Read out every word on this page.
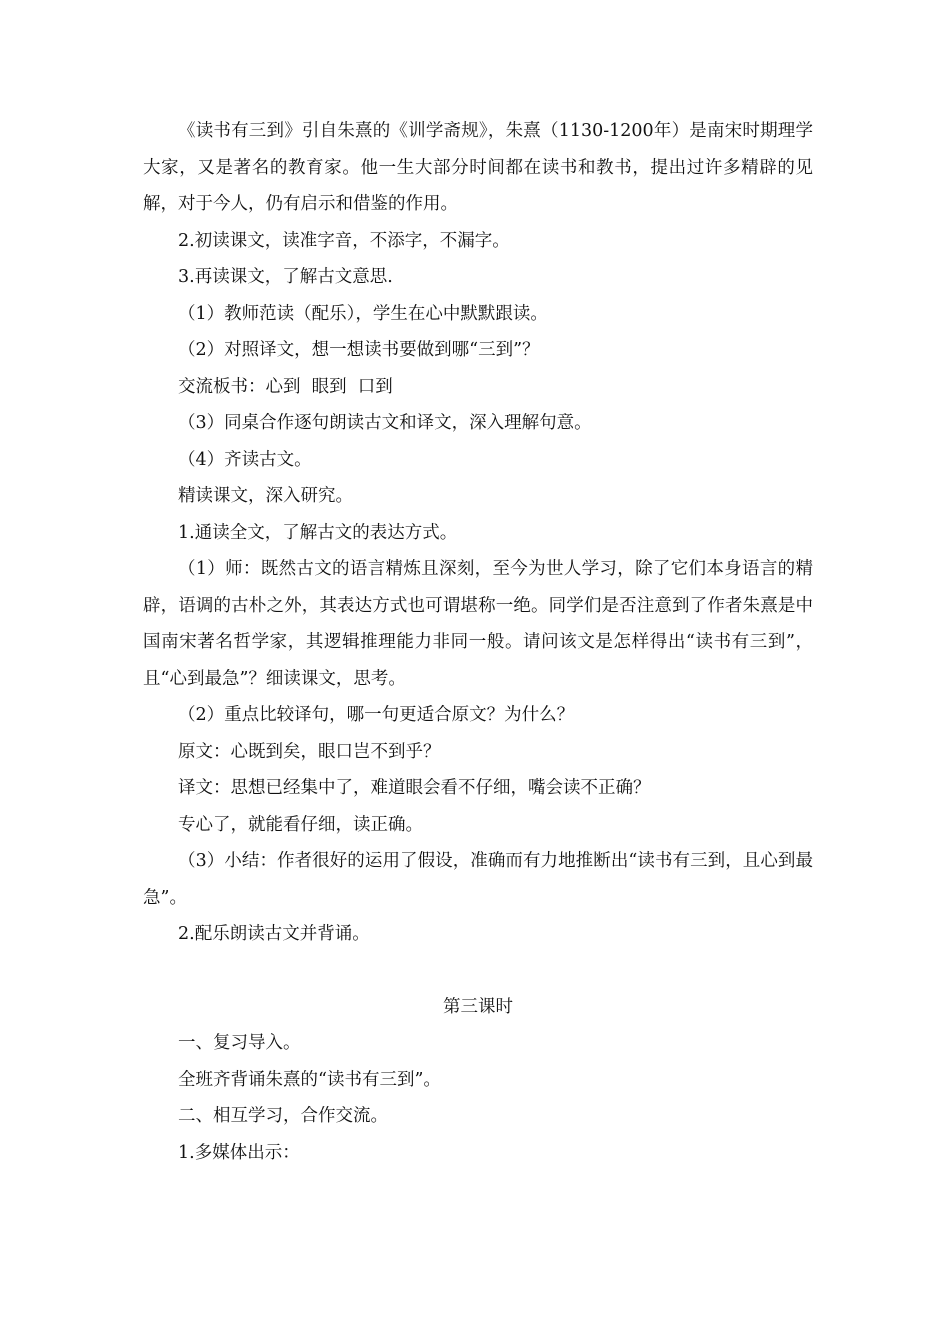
《读书有三到》引自朱熹的《训学斋规》，朱熹（1130-1200年）是南宋时期理学大家，又是著名的教育家。他一生大部分时间都在读书和教书，提出过许多精辟的见解，对于今人，仍有启示和借鉴的作用。

2.初读课文，读准字音，不添字，不漏字。

3.再读课文，了解古文意思.

（1）教师范读（配乐），学生在心中默默跟读。

（2）对照译文，想一想读书要做到哪“三到”？

交流板书：心到  眼到  口到

（3）同桌合作逐句朗读古文和译文，深入理解句意。

（4）齐读古文。

精读课文，深入研究。

1.通读全文，了解古文的表达方式。

（1）师：既然古文的语言精炼且深刻，至今为世人学习，除了它们本身语言的精辟，语调的古朴之外，其表达方式也可谓堪称一绝。同学们是否注意到了作者朱熹是中国南宋著名哲学家，其逻辑推理能力非同一般。请问该文是怎样得出“读书有三到”，且“心到最急”？细读课文，思考。

（2）重点比较译句，哪一句更适合原文？为什么？

原文：心既到矣，眼口岂不到乎？

译文：思想已经集中了，难道眼会看不仔细，嘴会读不正确？

专心了，就能看仔细，读正确。

（3）小结：作者很好的运用了假设，准确而有力地推断出“读书有三到，且心到最急”。

2.配乐朗读古文并背诵。

第三课时

一、复习导入。

全班齐背诵朱熹的“读书有三到”。

二、相互学习，合作交流。

1.多媒体出示：
